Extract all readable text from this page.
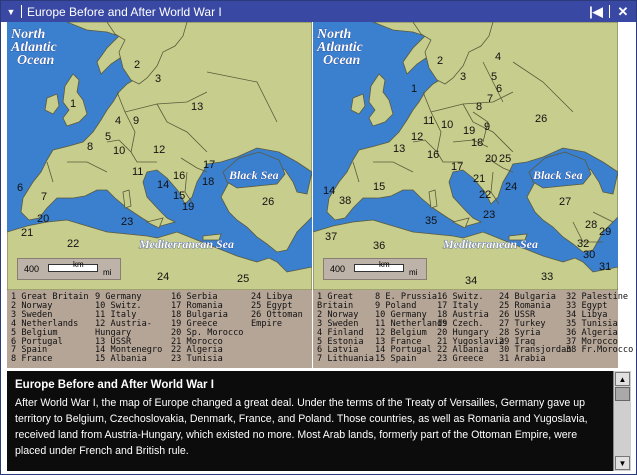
▼ Europe Before and After World War I	|◀	✕
North
Atlantic
Ocean
Black Sea
Mediterranean Sea
1
2
3
4
5
6
7
8
9
10
11
12
13
14
15
16
17
18
19
20
21
22
23
24	25
26
400	km
mi
North
Atlantic
Ocean
Black Sea
Mediterranean Sea
1
2
3
4
5
6
7
8
9
10
11
12
13
14	15
16
17
18
19
20
21
22
23
24
25
26
27
28
29
30
31
32
33
34
35
36
37
38
400	km
mi
1 Great Britain
2 Norway
3 Sweden
4 Netherlands
5 Belgium
6 Portugal
7 Spain
8 France
9 Germany
10 Switz.
11 Italy
12 Austria-
Hungary
13 USSR
14 Montenegro
15 Albania
16 Serbia
17 Romania
18 Bulgaria
19 Greece
20 Sp. Morocco
21 Morocco
22 Algeria
23 Tunisia
24 Libya
25 Egypt
26 Ottoman
Empire
1 Great
Britain
2 Norway
3 Sweden
4 Finland
5 Estonia
6 Latvia
7 Lithuania
8 E. Prussia
9 Poland
10 Germany
11 Netherlands
12 Belgium
13 France
14 Portugal
15 Spain
16 Switz.
17 Italy
18 Austria
19 Czech.
20 Hungary
21 Yugoslavia
22 Albania
23 Greece
24 Bulgaria
25 Romania
26 USSR
27 Turkey
28 Syria
29 Iraq
30 Transjordan
31 Arabia
32 Palestine
33 Egypt
34 Libya
35 Tunisia
36 Algeria
37 Morocco
38 Fr.Morocco
Europe Before and After World War I

After World War I, the map of Europe changed a great deal. Under the terms of the Treaty of Versailles, Germany gave up territory to Belgium, Czechoslovakia, Denmark, France, and Poland. Those countries, as well as Romania and Yugoslavia, received land from Austria-Hungary, which existed no more. Most Arab lands, formerly part of the Ottoman Empire, were placed under French and British rule.

▲
▼
